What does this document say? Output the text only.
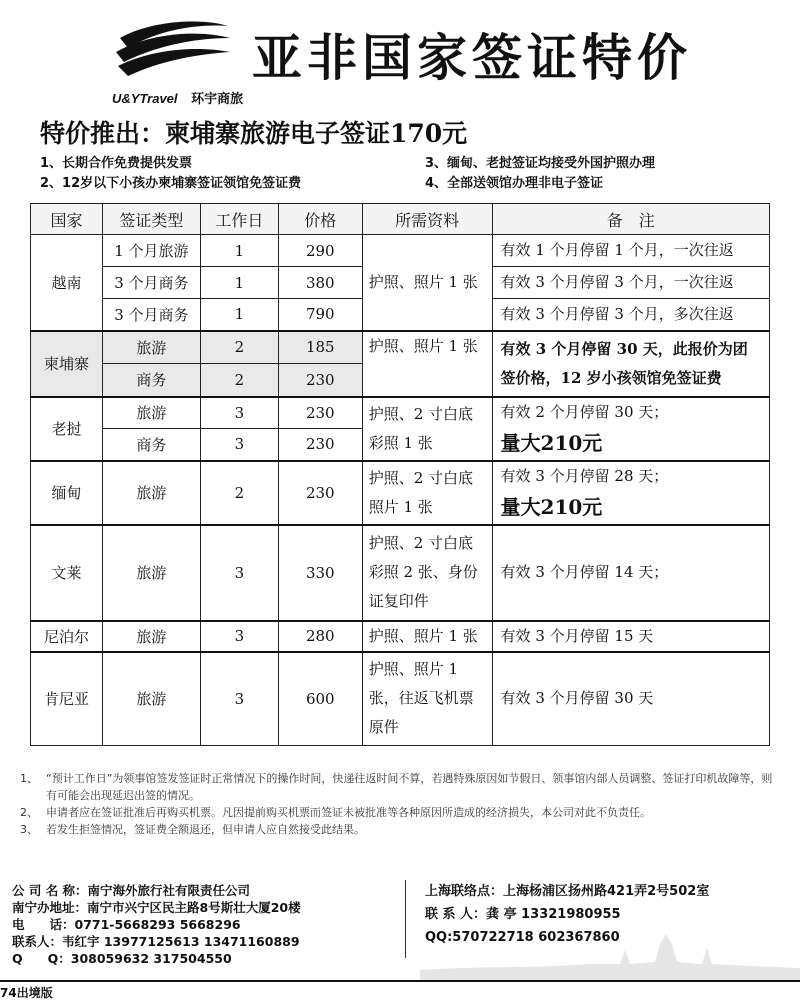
U&YTravel 环宇商旅
亚非国家签证特价
特价推出：柬埔寨旅游电子签证170元
1、长期合作免费提供发票
2、12岁以下小孩办柬埔寨签证领馆免签证费
3、缅甸、老挝签证均接受外国护照办理
4、全部送领馆办理非电子签证
国家	签证类型	工作日	价格	所需资料	备　注
越南	1 个月旅游	1	290	护照、照片 1 张	有效 1 个月停留 1 个月，一次往返
	3 个月商务	1	380		有效 3 个月停留 3 个月，一次往返
	3 个月商务	1	790		有效 3 个月停留 3 个月，多次往返
柬埔寨	旅游	2	185	护照、照片 1 张	有效 3 个月停留 30 天，此报价为团签价格，12 岁小孩领馆免签证费
	商务	2	230		
老挝	旅游	3	230	护照、2 寸白底彩照 1 张	有效 2 个月停留 30 天；
量大210元

	商务	3	230		
缅甸	旅游	2	230	护照、2 寸白底照片 1 张	有效 3 个月停留 28 天；
量大210元

文莱	旅游	3	330	护照、2 寸白底彩照 2 张、身份证复印件	有效 3 个月停留 14 天；
尼泊尔	旅游	3	280	护照、照片 1 张	有效 3 个月停留 15 天
肯尼亚	旅游	3	600	护照、照片 1 张，往返飞机票原件	有效 3 个月停留 30 天
1、 “预计工作日”为领事馆签发签证时正常情况下的操作时间，快递往返时间不算，若遇特殊原因如节假日、领事馆内部人员调整、签证打印机故障等，则有可能会出现延迟出签的情况。
2、 申请者应在签证批准后再购买机票。凡因提前购买机票而签证未被批准等各种原因所造成的经济损失，本公司对此不负责任。
3、 若发生拒签情况，签证费全额退还，但申请人应自然接受此结果。
公 司 名 称：南宁海外旅行社有限责任公司
南宁办地址：南宁市兴宁区民主路8号斯壮大厦20楼
电　　话：0771-5668293 5668296
联系人：韦红宇 13977125613 13471160889
Q　　Q：308059632 317504550
上海联络点：上海杨浦区扬州路421弄2号502室
联 系 人：龚 亭 13321980955
QQ:570722718 602367860
74出境版
